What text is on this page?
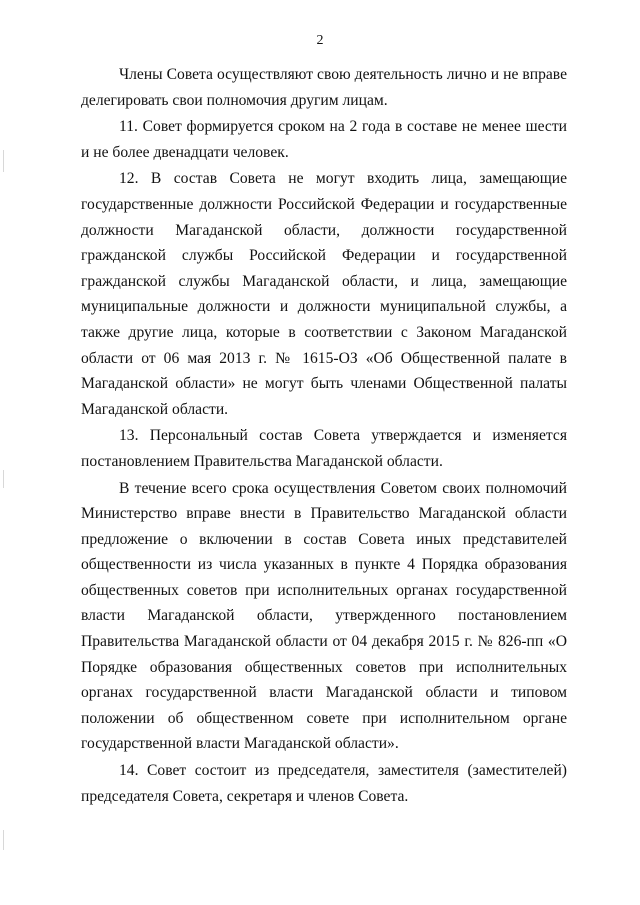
2

Члены Совета осуществляют свою деятельность лично и не вправе делегировать свои полномочия другим лицам.

11. Совет формируется сроком на 2 года в составе не менее шести и не более двенадцати человек.

12. В состав Совета не могут входить лица, замещающие государственные должности Российской Федерации и государственные должности Магаданской области, должности государственной гражданской службы Российской Федерации и государственной гражданской службы Магаданской области, и лица, замещающие муниципальные должности и должности муниципальной службы, а также другие лица, которые в соответствии с Законом Магаданской области от 06 мая 2013 г. № 1615-ОЗ «Об Общественной палате в Магаданской области» не могут быть членами Общественной палаты Магаданской области.

13. Персональный состав Совета утверждается и изменяется постановлением Правительства Магаданской области.

В течение всего срока осуществления Советом своих полномочий Министерство вправе внести в Правительство Магаданской области предложение о включении в состав Совета иных представителей общественности из числа указанных в пункте 4 Порядка образования общественных советов при исполнительных органах государственной власти Магаданской области, утвержденного постановлением Правительства Магаданской области от 04 декабря 2015 г. № 826-пп «О Порядке образования общественных советов при исполнительных органах государственной власти Магаданской области и типовом положении об общественном совете при исполнительном органе государственной власти Магаданской области».

14. Совет состоит из председателя, заместителя (заместителей) председателя Совета, секретаря и членов Совета.
